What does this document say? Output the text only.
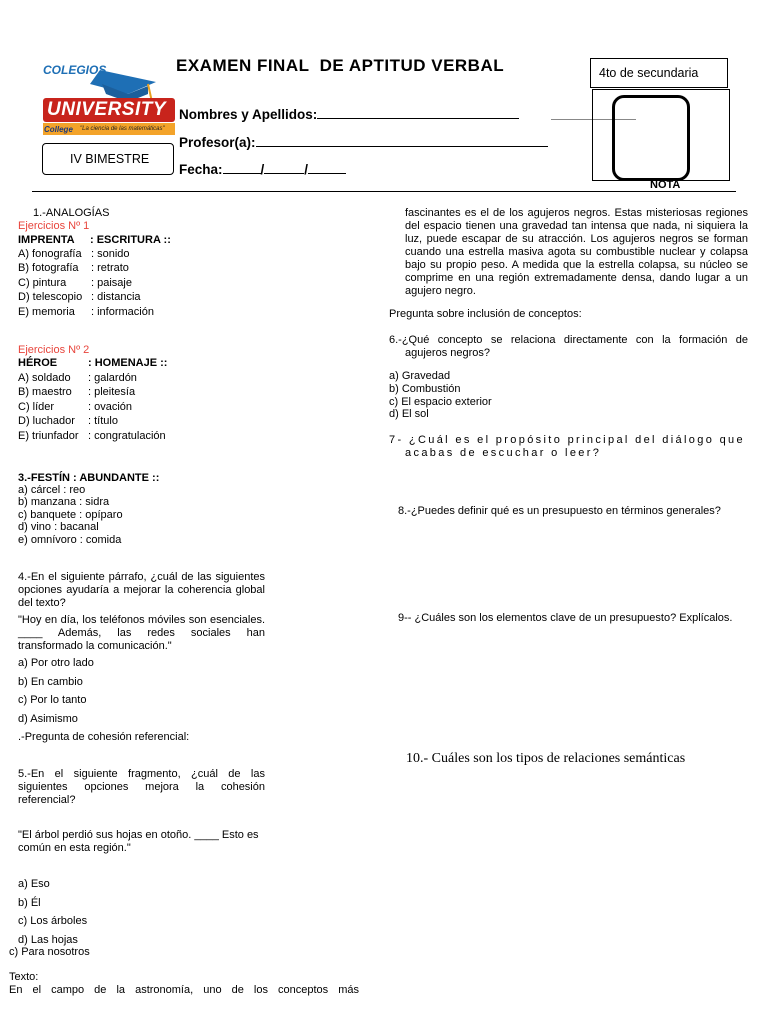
COLEGIOS
UNIVERSITY
College "La ciencia de las matemáticas"
EXAMEN FINAL  DE APTITUD VERBAL	4to de secundaria
Nombres y Apellidos:
Profesor(a):
IV BIMESTRE
Fecha:	/	/
NOTA
1.-ANALOGÍAS
Ejercicios Nº 1
IMPRENTA : ESCRITURA ::
A) fonografía : sonido
B) fotografía : retrato
C) pintura : paisaje
D) telescopio : distancia
E) memoria : información
Ejercicios Nº 2
HÉROE	: HOMENAJE ::
A) soldado : galardón
B) maestro : pleitesía
C) líder	: ovación
D) luchador : título
E) triunfador : congratulación
3.-FESTÍN : ABUNDANTE ::
a) cárcel : reo
b) manzana : sidra
c) banquete : opíparo
d) vino : bacanal
e) omnívoro : comida
4.-En el siguiente párrafo, ¿cuál de las siguientes opciones ayudaría a mejorar la coherencia global del texto?
"Hoy en día, los teléfonos móviles son esenciales. ____ Además, las redes sociales han transformado la comunicación."
a) Por otro lado
b) En cambio
c) Por lo tanto
d) Asimismo
.-Pregunta de cohesión referencial:
5.-En el siguiente fragmento, ¿cuál de las siguientes opciones mejora la cohesión referencial?
"El árbol perdió sus hojas en otoño. ____ Esto es común en esta región."
a) Eso
b) Él
c) Los árboles
d) Las hojas
c) Para nosotros
Texto:
En el campo de la astronomía, uno de los conceptos más
fascinantes es el de los agujeros negros. Estas misteriosas regiones del espacio tienen una gravedad tan intensa que nada, ni siquiera la luz, puede escapar de su atracción. Los agujeros negros se forman cuando una estrella masiva agota su combustible nuclear y colapsa bajo su propio peso. A medida que la estrella colapsa, su núcleo se comprime en una región extremadamente densa, dando lugar a un agujero negro.
Pregunta sobre inclusión de conceptos:
6.-¿Qué concepto se relaciona directamente con la formación de agujeros negros?
a) Gravedad
b) Combustión
c) El espacio exterior
d) El sol
7- ¿Cuál es el propósito principal del diálogo que acabas de escuchar o leer?
8.-¿Puedes definir qué es un presupuesto en términos generales?
9-- ¿Cuáles son los elementos clave de un presupuesto? Explícalos.
10.- Cuáles son los tipos de relaciones semánticas
